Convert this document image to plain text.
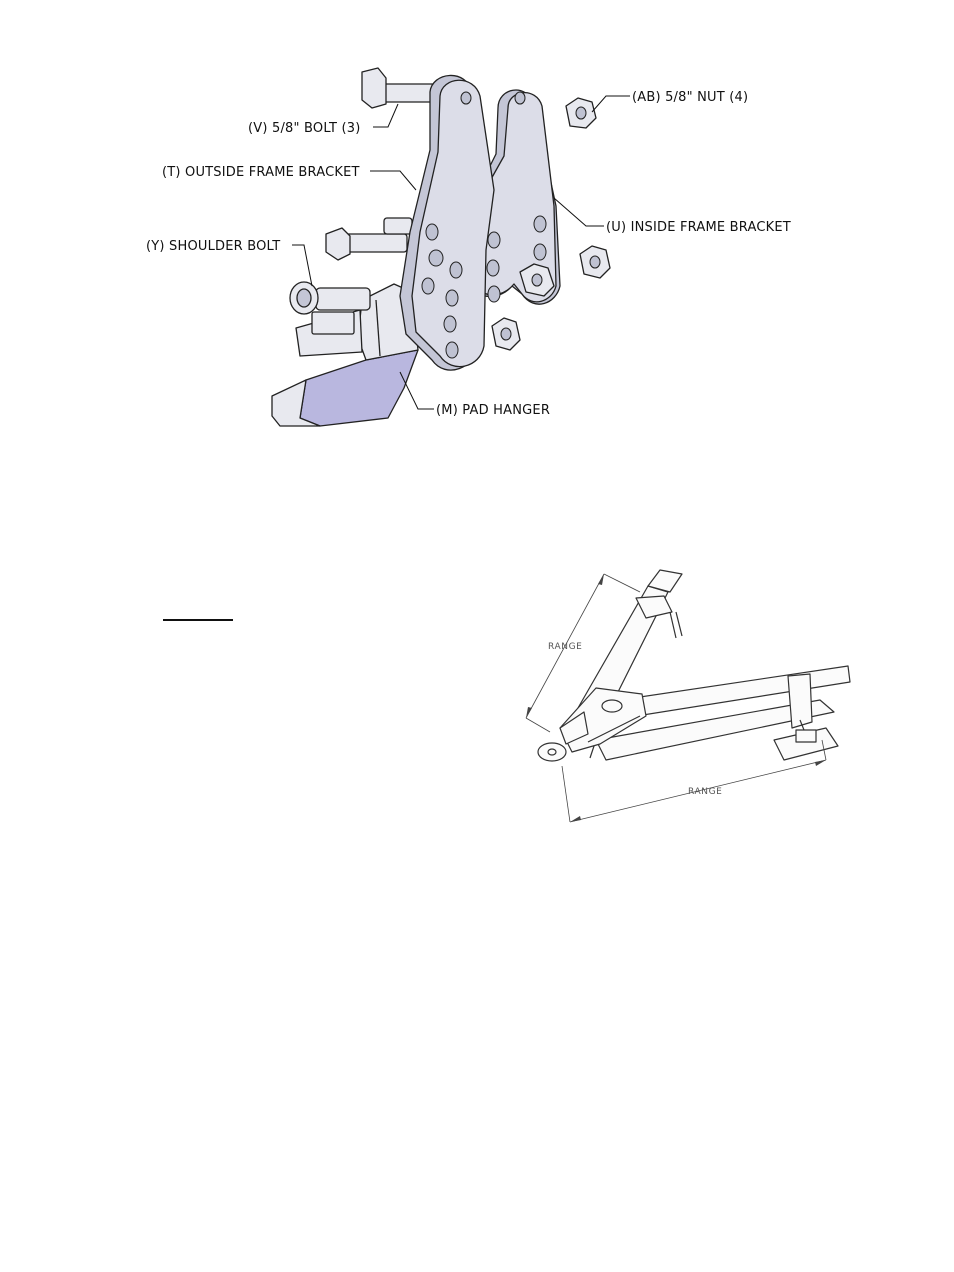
(V) 5/8" BOLT (3)
(T) OUTSIDE FRAME BRACKET
(Y) SHOULDER BOLT
(AB) 5/8" NUT (4)
(U) INSIDE FRAME BRACKET
(M) PAD HANGER
RANGE
RANGE
